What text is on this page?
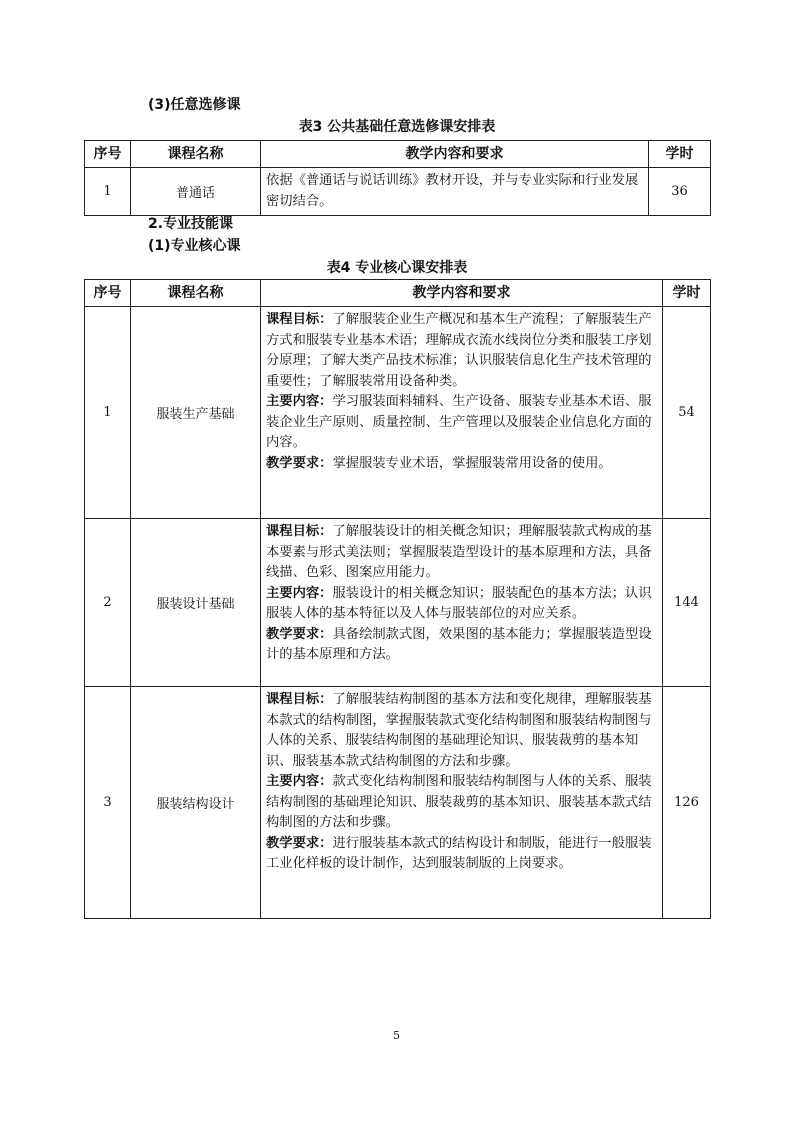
(3)任意选修课
表3 公共基础任意选修课安排表
序号	课程名称	教学内容和要求	学时
1	普通话	依据《普通话与说话训练》教材开设，并与专业实际和行业发展密切结合。	36
2.专业技能课
(1)专业核心课
表4 专业核心课安排表
序号	课程名称	教学内容和要求	学时
1	服装生产基础	课程目标：了解服装企业生产概况和基本生产流程；了解服装生产方式和服装专业基本术语；理解成衣流水线岗位分类和服装工序划分原理；了解大类产品技术标准；认识服装信息化生产技术管理的重要性；了解服装常用设备种类。
主要内容：学习服装面料辅料、生产设备、服装专业基本术语、服装企业生产原则、质量控制、生产管理以及服装企业信息化方面的内容。
教学要求：掌握服装专业术语，掌握服装常用设备的使用。	54
2	服装设计基础	课程目标：了解服装设计的相关概念知识；理解服装款式构成的基本要素与形式美法则；掌握服装造型设计的基本原理和方法，具备线描、色彩、图案应用能力。
主要内容：服装设计的相关概念知识；服装配色的基本方法；认识服装人体的基本特征以及人体与服装部位的对应关系。
教学要求：具备绘制款式图，效果图的基本能力；掌握服装造型设计的基本原理和方法。	144
3	服装结构设计	课程目标：了解服装结构制图的基本方法和变化规律，理解服装基本款式的结构制图，掌握服装款式变化结构制图和服装结构制图与人体的关系、服装结构制图的基础理论知识、服装裁剪的基本知识、服装基本款式结构制图的方法和步骤。
主要内容：款式变化结构制图和服装结构制图与人体的关系、服装结构制图的基础理论知识、服装裁剪的基本知识、服装基本款式结构制图的方法和步骤。
教学要求：进行服装基本款式的结构设计和制版，能进行一般服装工业化样板的设计制作，达到服装制版的上岗要求。	126
5
